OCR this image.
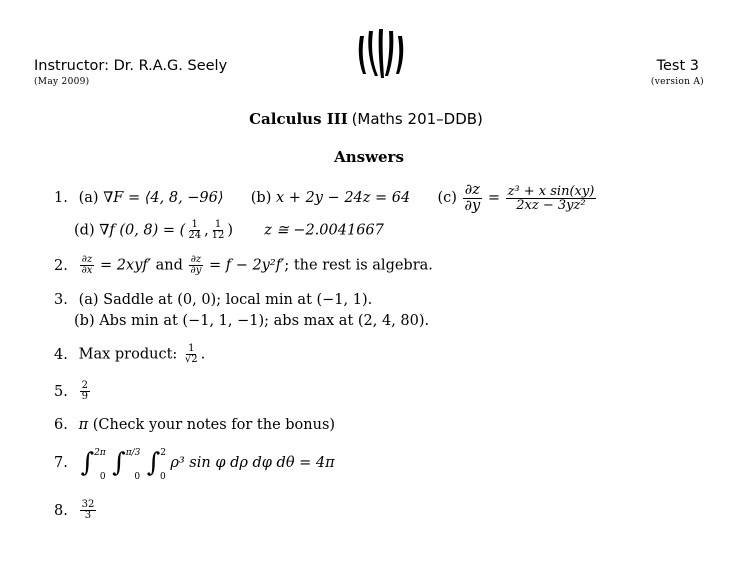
Instructor: Dr. R.A.G. Seely
(May 2009)
Test 3
(version A)
Calculus III (Maths 201–DDB)
Answers
1. (a) ∇F = ⟨4, 8, −96⟩ (b) x + 2y − 24z = 64 $(c) \frac{\partial z}{\partial y} = \frac{\text{z³ + x sin(xy)}}{\text{2xz − 3yz²}}$
(d) ∇f (0, 8) = ( $\frac{1}{24}$ , $\frac{1}{12}$ ) z ≅ −2.0041667
2. $\frac{\partial z}{\partial x} = 2xyf'$ and $\frac{\partial z}{\partial y} = f - 2y^2f'$; the rest is algebra.
3. (a) Saddle at (0, 0); local min at (−1, 1).
(b) Abs min at (−1, 1, −1); abs max at (2, 4, 80).
4. Max product: $\frac{1}{√2}$ .
5. $\frac{2}{9}$
6. π (Check your notes for the bonus)
7. ∫$^{2\pi}_0$ ∫$^{\pi/3}_0$ ∫$^2_0$ ρ³ sin φ dρ dφ dθ = 4π
8. $\frac{32}{3}$
